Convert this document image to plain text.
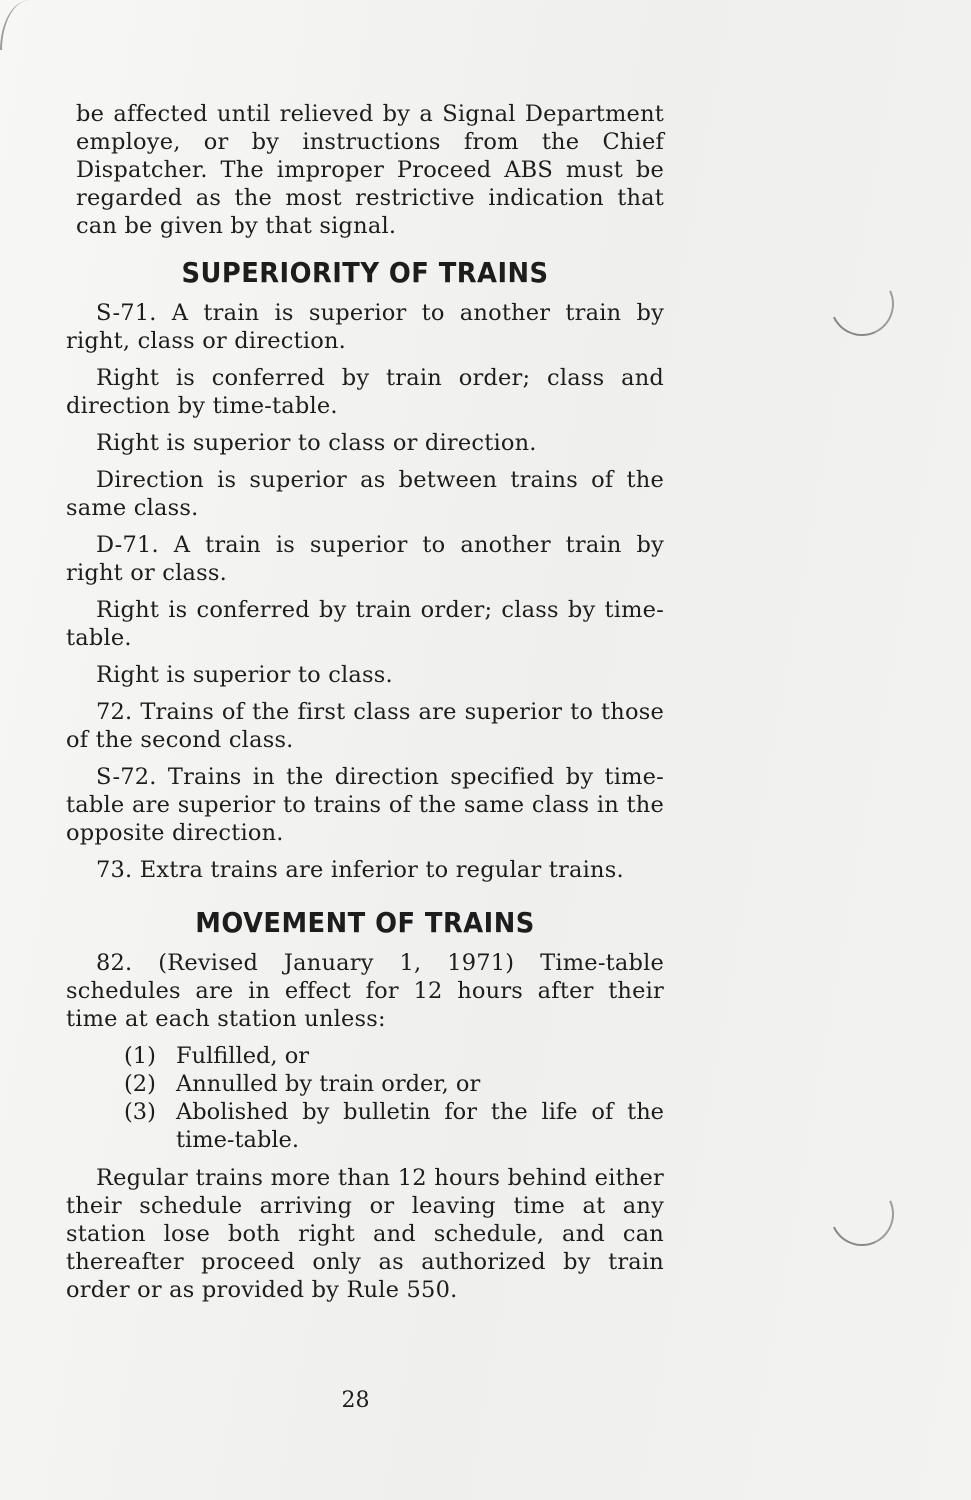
be affected until relieved by a Signal Department employe, or by instructions from the Chief Dispatcher. The improper Proceed ABS must be regarded as the most restrictive indication that can be given by that signal.

SUPERIORITY OF TRAINS

S-71. A train is superior to another train by right, class or direction.

Right is conferred by train order; class and direction by time-table.

Right is superior to class or direction.

Direction is superior as between trains of the same class.

D-71. A train is superior to another train by right or class.

Right is conferred by train order; class by time-table.

Right is superior to class.

72. Trains of the first class are superior to those of the second class.

S-72. Trains in the direction specified by time-table are superior to trains of the same class in the opposite direction.

73. Extra trains are inferior to regular trains.

MOVEMENT OF TRAINS

82. (Revised January 1, 1971) Time-table schedules are in effect for 12 hours after their time at each station unless:

(1) Fulfilled, or
(2) Annulled by train order, or
(3) Abolished by bulletin for the life of the time-table.

Regular trains more than 12 hours behind either their schedule arriving or leaving time at any station lose both right and schedule, and can thereafter proceed only as authorized by train order or as provided by Rule 550.

28
